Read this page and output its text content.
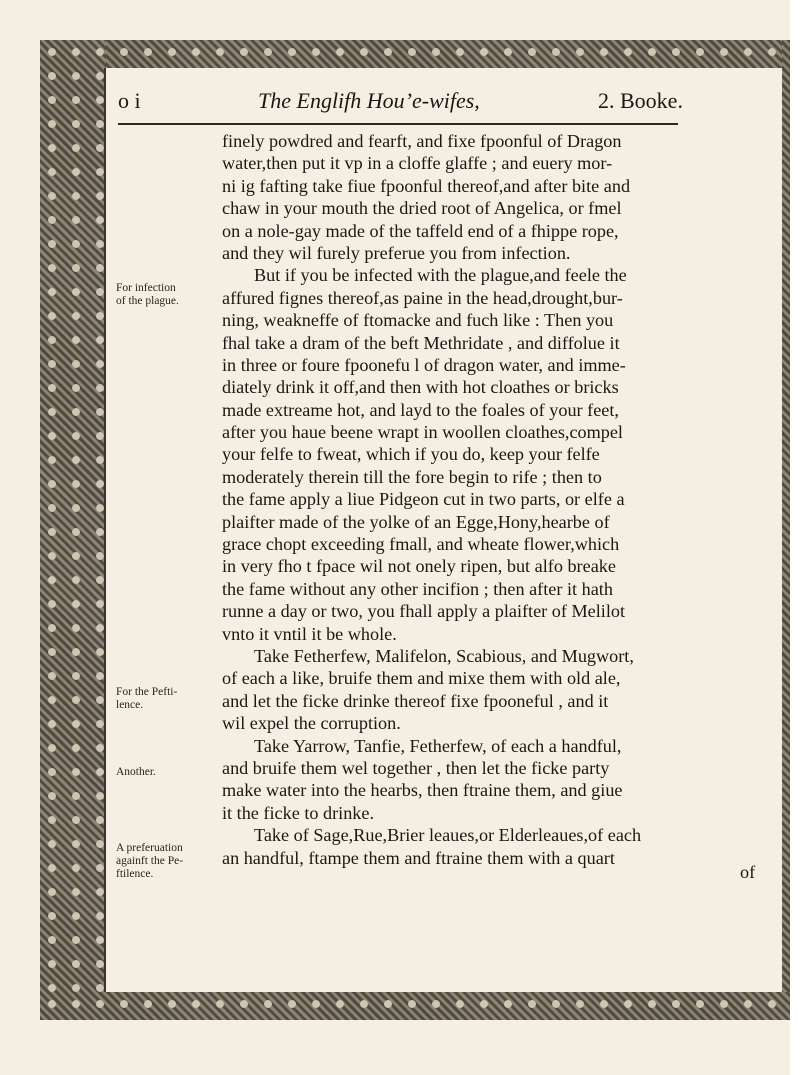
o i	The Englifh Hou’e-wifes,	2. Booke.
finely powdred and fearft, and fixe fpoonful of Dragon
water,then put it vp in a cloffe glaffe ; and euery mor-
ni ig fafting take fiue fpoonful thereof,and after bite and
chaw in your mouth the dried root of Angelica, or fmel
on a nole-gay made of the taffeld end of a fhippe rope,
and they wil furely preferue you from infection.
But if you be infected with the plague,and feele the
affured fignes thereof,as paine in the head,drought,bur-
ning, weakneffe of ftomacke and fuch like : Then you
fhal take a dram of the beft Methridate , and diffolue it
in three or foure fpoonefu l of dragon water, and imme-
diately drink it off,and then with hot cloathes or bricks
made extreame hot, and layd to the foales of your feet,
after you haue beene wrapt in woollen cloathes,compel
your felfe to fweat, which if you do, keep your felfe
moderately therein till the fore begin to rife ; then to
the fame apply a liue Pidgeon cut in two parts, or elfe a
plaifter made of the yolke of an Egge,Hony,hearbe of
grace chopt exceeding fmall, and wheate flower,which
in very fho t fpace wil not onely ripen, but alfo breake
the fame without any other incifion ; then after it hath
runne a day or two, you fhall apply a plaifter of Melilot
vnto it vntil it be whole.
Take Fetherfew, Malifelon, Scabious, and Mugwort,
of each a like, bruife them and mixe them with old ale,
and let the ficke drinke thereof fixe fpooneful , and it
wil expel the corruption.
Take Yarrow, Tanfie, Fetherfew, of each a handful,
and bruife them wel together , then let the ficke party
make water into the hearbs, then ftraine them, and giue
it the ficke to drinke.
Take of Sage,Rue,Brier leaues,or Elderleaues,of each
an handful, ftampe them and ftraine them with a quart
of
For infection
of the plague.
For the Pefti-
lence.
Another.
A preferuation
againft the Pe-
ftilence.
